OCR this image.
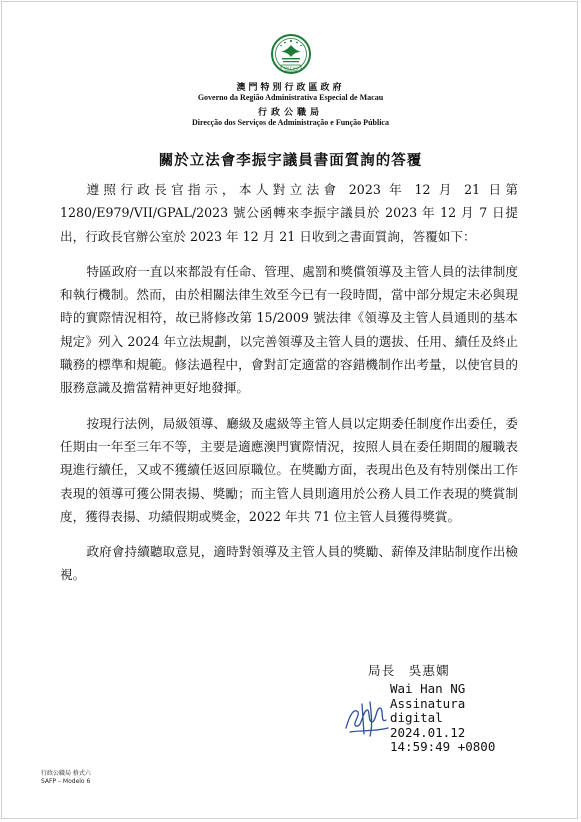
MACAU
澳門特別行政區政府
Governo da Região Administrativa Especial de Macau
行政公職局
Direcção dos Serviços de Administração e Função Pública
關於立法會李振宇議員書面質詢的答覆

遵照行政長官指示，本人對立法會 2023 年 12 月 21 日第 1280/E979/VII/GPAL/2023 號公函轉來李振宇議員於 2023 年 12 月 7 日提出，行政長官辦公室於 2023 年 12 月 21 日收到之書面質詢，答覆如下：

特區政府一直以來都設有任命、管理、處罰和獎償領導及主管人員的法律制度和執行機制。然而，由於相關法律生效至今已有一段時間，當中部分規定未必與現時的實際情況相符，故已將修改第 15/2009 號法律《領導及主管人員通則的基本規定》列入 2024 年立法規劃，以完善領導及主管人員的選拔、任用、續任及終止職務的標準和規範。修法過程中，會對訂定適當的容錯機制作出考量，以使官員的服務意識及擔當精神更好地發揮。

按現行法例，局級領導、廳級及處級等主管人員以定期委任制度作出委任，委任期由一年至三年不等，主要是適應澳門實際情況，按照人員在委任期間的履職表現進行續任，又或不獲續任返回原職位。在獎勵方面，表現出色及有特別傑出工作表現的領導可獲公開表揚、獎勵；而主管人員則適用於公務人員工作表現的獎賞制度，獲得表揚、功績假期或獎金，2022 年共 71 位主管人員獲得獎賞。

政府會持續聽取意見，適時對領導及主管人員的獎勵、薪俸及津貼制度作出檢視。

局長　吳惠嫻
Wai Han NG
Assinatura
digital
2024.01.12
14:59:49 +0800
行政公職局 格式六
SAFP – Modelo 6
